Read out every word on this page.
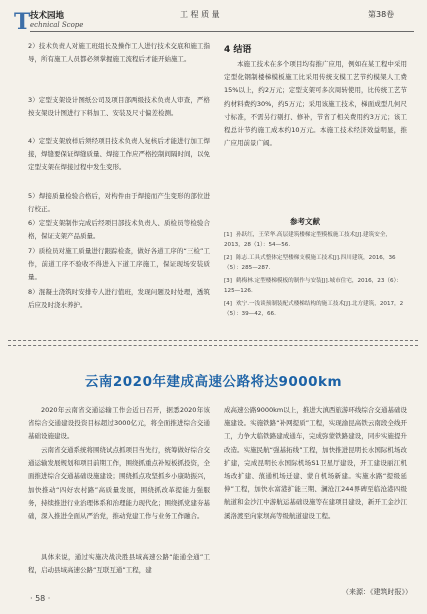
T 技术园地
echnical Scope
工 程 质 量	第38卷
2）技术负责人对施工班组长及操作工人进行技术交底和施工指导，所有施工人员都必须掌握施工流程后才能开始施工。
3）定型支架设计图纸公司及项目部两级技术负责人审查，严格按支架设计图进行下料加工、安装及尺寸偏差检测。
4）定型支架放样后须经项目技术负责人复核后才能进行加工焊接，焊缝要保证焊缝质量、焊接工作应严格控制间隔时间，以免定型支架在焊接过程中发生变形。
5）焊接质量检验合格后，对构件由于焊接而产生变形的部位进行校正。
6）定型支架制作完成后经项目部技术负责人、质检员等检验合格，保证支架产品质量。
7）质检员对施工质量进行跟踪检查，做好各道工序的“三检”工作，前道工序不验收不得进入下道工序施工，保证现场安装质量。
8）混凝土浇筑时安排专人进行值班，发现问题及时处理，透筑后应及时浇水养护。
4 结语
本施工技术在多个项目均有推广应用，例如在某工程中采用定型化钢制楼梯模板施工比采用传统支模工艺节约模架人工费15%以上，约2万元；定型支架可多次周转使用，比传统工艺节约材料费约30%，约5万元；采用该施工技术，梯面成型几何尺寸标准，不需另行剔打、修补，节省了相关费用约3万元；该工程总计节约施工成本约10万元。本施工技术经济效益明显，推广应用前景广阔。
参考文献
[1] 孙跃红，王荣华.高层建筑楼梯定型模板施工技术[J].建筑安全，2013，28（1）：54—56.
[2] 陈志.工具式整体定型楼梯支模施工技术[J].四川建筑，2016，36（5）：285—287.
[3] 鹤梅林.定型楼梯模板的制作与安装[J].城市住宅，2016，23（6）：125—126.
[4] 欢宁.一浅谈预制装配式楼梯结构的施工技术[J].北方建筑，2017，2（5）：39—42，66.
云南2020年建成高速公路将达9000km
2020年云南省交通运输工作会近日召开，据悉2020年该省综合交通建设投资目标超过3000亿元，将全面推进综合交通基础设施建设。
云南省交通系统将围绕试点抓项目当先行，统筹做好综合交通运输发展规划和项目前期工作，围绕抓重点补短板抓投资，全面推进综合交通基础设施建设；围绕抓点攻坚抓乡小康助振兴，加快推动“四好农村路”高质量发展，围绕抓改革提能力强服务，持续推进行业治理体系和治理能力现代化；围绕抓党建夯基础，深入推进全面从严治党，推动党建工作与业务工作融合。
具体来说，通过实施决战决胜县域高速公路“能通全通”工程，启动县域高速公路“互联互通”工程，建
成高速公路9000km以上，推进大滇西旅游环线综合交通基础设施建设。实施铁路“补网提质”工程，实现渝昆高铁云南段全线开工，力争大临铁路建成通车，完成弥蒙铁路建设，同步实施提升改造。实施民航“强基拓线”工程，加快推进昆明长水国际机场改扩建，完成昆明长水国际机场S1卫星厅建设，开工建设丽江机场改扩建、蒗通机场迁建、蒙自机场新建。实施水路“提级延伸”工程，加快水富港扩能三期、澜沧江244界碑至临沧港四级航道和金沙江中游航运基础设施等在建项目建设，新开工金沙江溪洛渡至向家坝高等级航道建设工程。
（来源：《建筑时报》）
· 58 ·
